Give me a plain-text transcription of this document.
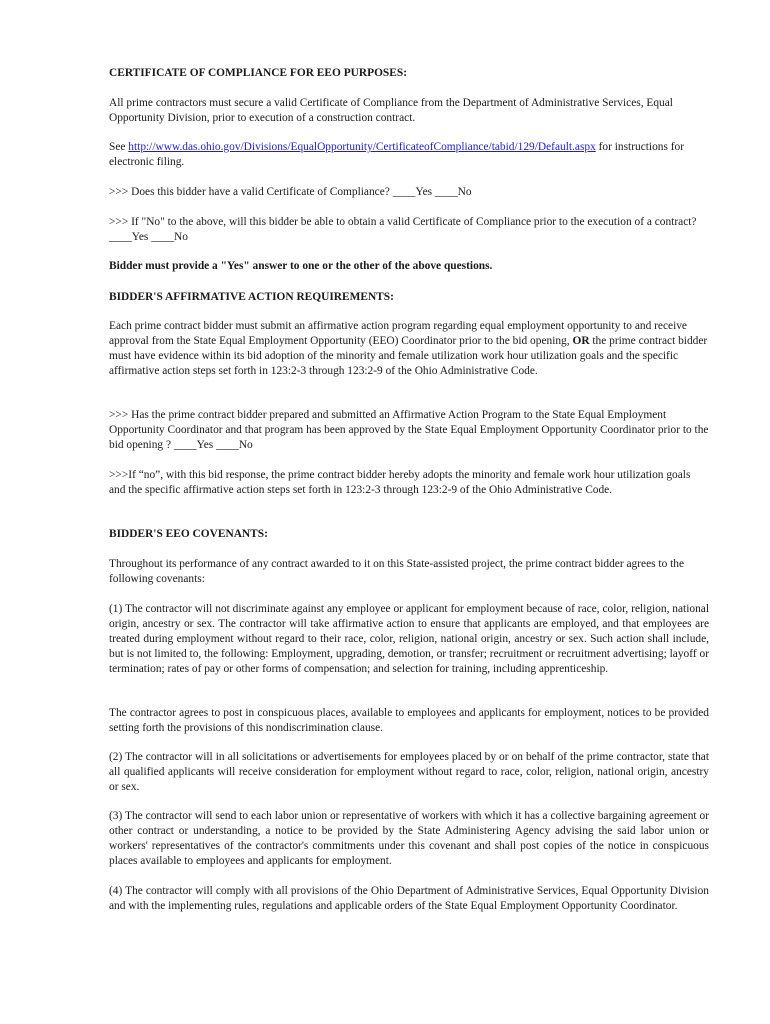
CERTIFICATE OF COMPLIANCE FOR EEO PURPOSES:

All prime contractors must secure a valid Certificate of Compliance from the Department of Administrative Services, Equal Opportunity Division, prior to execution of a construction contract.

See http://www.das.ohio.gov/Divisions/EqualOpportunity/CertificateofCompliance/tabid/129/Default.aspx for instructions for electronic filing.

>>> Does this bidder have a valid Certificate of Compliance? ____Yes ____No

>>> If "No" to the above, will this bidder be able to obtain a valid Certificate of Compliance prior to the execution of a contract? ____Yes ____No

Bidder must provide a "Yes" answer to one or the other of the above questions.

BIDDER'S AFFIRMATIVE ACTION REQUIREMENTS:

Each prime contract bidder must submit an affirmative action program regarding equal employment opportunity to and receive approval from the State Equal Employment Opportunity (EEO) Coordinator prior to the bid opening, OR the prime contract bidder must have evidence within its bid adoption of the minority and female utilization work hour utilization goals and the specific affirmative action steps set forth in 123:2-3 through 123:2-9 of the Ohio Administrative Code.

>>> Has the prime contract bidder prepared and submitted an Affirmative Action Program to the State Equal Employment Opportunity Coordinator and that program has been approved by the State Equal Employment Opportunity Coordinator prior to the bid opening ? ____Yes ____No

>>>If “no”, with this bid response, the prime contract bidder hereby adopts the minority and female work hour utilization goals and the specific affirmative action steps set forth in 123:2-3 through 123:2-9 of the Ohio Administrative Code.

BIDDER'S EEO COVENANTS:

Throughout its performance of any contract awarded to it on this State-assisted project, the prime contract bidder agrees to the following covenants:

(1) The contractor will not discriminate against any employee or applicant for employment because of race, color, religion, national origin, ancestry or sex. The contractor will take affirmative action to ensure that applicants are employed, and that employees are treated during employment without regard to their race, color, religion, national origin, ancestry or sex. Such action shall include, but is not limited to, the following: Employment, upgrading, demotion, or transfer; recruitment or recruitment advertising; layoff or termination; rates of pay or other forms of compensation; and selection for training, including apprenticeship.

The contractor agrees to post in conspicuous places, available to employees and applicants for employment, notices to be provided setting forth the provisions of this nondiscrimination clause.

(2) The contractor will in all solicitations or advertisements for employees placed by or on behalf of the prime contractor, state that all qualified applicants will receive consideration for employment without regard to race, color, religion, national origin, ancestry or sex.

(3) The contractor will send to each labor union or representative of workers with which it has a collective bargaining agreement or other contract or understanding, a notice to be provided by the State Administering Agency advising the said labor union or workers' representatives of the contractor's commitments under this covenant and shall post copies of the notice in conspicuous places available to employees and applicants for employment.

(4) The contractor will comply with all provisions of the Ohio Department of Administrative Services, Equal Opportunity Division and with the implementing rules, regulations and applicable orders of the State Equal Employment Opportunity Coordinator.
